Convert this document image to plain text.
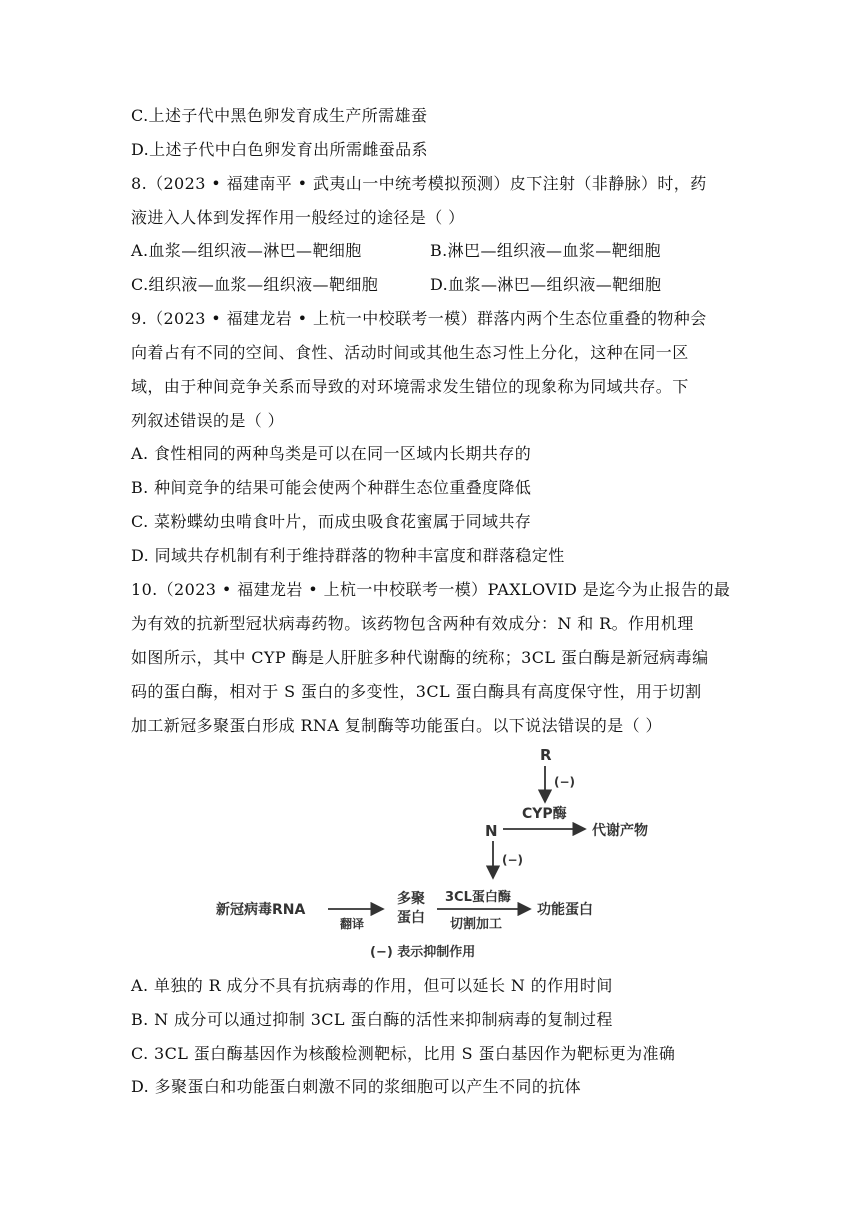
C.上述子代中黑色卵发育成生产所需雄蚕
D.上述子代中白色卵发育出所需雌蚕品系
8.（2023 • 福建南平 • 武夷山一中统考模拟预测）皮下注射（非静脉）时，药
液进入人体到发挥作用一般经过的途径是（ ）
A.血浆—组织液—淋巴—靶细胞	B.淋巴—组织液—血浆—靶细胞
C.组织液—血浆—组织液—靶细胞	D.血浆—淋巴—组织液—靶细胞
9.（2023 • 福建龙岩 • 上杭一中校联考一模）群落内两个生态位重叠的物种会
向着占有不同的空间、食性、活动时间或其他生态习性上分化，这种在同一区
域，由于种间竞争关系而导致的对环境需求发生错位的现象称为同域共存。下
列叙述错误的是（ ）
A. 食性相同的两种鸟类是可以在同一区域内长期共存的
B. 种间竞争的结果可能会使两个种群生态位重叠度降低
C. 菜粉蝶幼虫啃食叶片，而成虫吸食花蜜属于同域共存
D. 同域共存机制有利于维持群落的物种丰富度和群落稳定性
10.（2023 • 福建龙岩 • 上杭一中校联考一模）PAXLOVID 是迄今为止报告的最
为有效的抗新型冠状病毒药物。该药物包含两种有效成分：N 和 R。作用机理
如图所示，其中 CYP 酶是人肝脏多种代谢酶的统称；3CL 蛋白酶是新冠病毒编
码的蛋白酶，相对于 S 蛋白的多变性，3CL 蛋白酶具有高度保守性，用于切割
加工新冠多聚蛋白形成 RNA 复制酶等功能蛋白。以下说法错误的是（ ）
R
(−)
CYP酶
N	代谢产物
(−)
新冠病毒RNA
翻译
多聚
蛋白
3CL蛋白酶
切割加工
功能蛋白
(−) 表示抑制作用
A. 单独的 R 成分不具有抗病毒的作用，但可以延长 N 的作用时间
B. N 成分可以通过抑制 3CL 蛋白酶的活性来抑制病毒的复制过程
C. 3CL 蛋白酶基因作为核酸检测靶标，比用 S 蛋白基因作为靶标更为准确
D. 多聚蛋白和功能蛋白刺激不同的浆细胞可以产生不同的抗体
